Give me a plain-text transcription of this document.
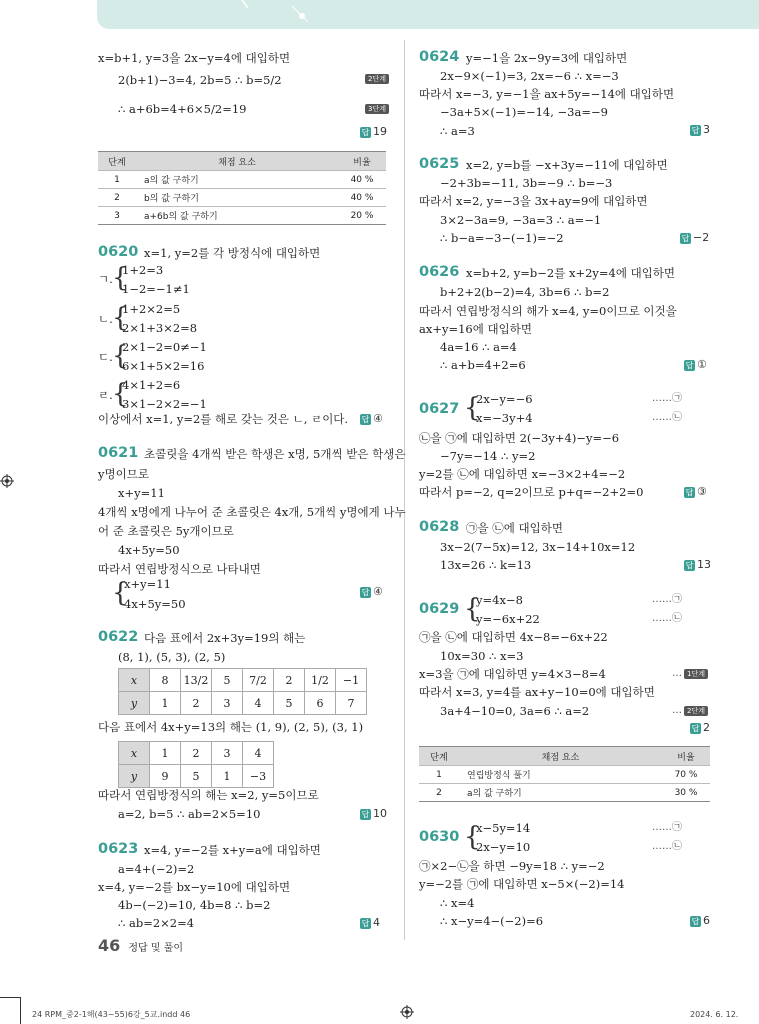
x=b+1, y=3을 2x−y=4에 대입하면
2(b+1)−3=4, 2b=5 ∴ b=5/2	2단계
∴ a+6b=4+6×5/2=19	3단계
답 19
단계	채점 요소	비율
1	a의 값 구하기	40 %
2	b의 값 구하기	40 %
3	a+6b의 값 구하기	20 %
0620 x=1, y=2를 각 방정식에 대입하면
ㄱ. {
1+2=3
1−2=−1≠1
ㄴ. {
1+2×2=5
2×1+3×2=8
ㄷ. {
2×1−2=0≠−1
6×1+5×2=16
ㄹ. {
4×1+2=6
3×1−2×2=−1
이상에서 x=1, y=2를 해로 갖는 것은 ㄴ, ㄹ이다. 답 ④
0621 초콜릿을 4개씩 받은 학생은 x명, 5개씩 받은 학생은
y명이므로
x+y=11
4개씩 x명에게 나누어 준 초콜릿은 4x개, 5개씩 y명에게 나누
어 준 초콜릿은 5y개이므로
4x+5y=50
따라서 연립방정식으로 나타내면
{
x+y=11
4x+5y=50
답 ④
0622 다음 표에서 2x+3y=19의 해는
(8, 1), (5, 3), (2, 5)
x	8	13/2	5	7/2	2	1/2	−1
y	1	2	3	4	5	6	7
다음 표에서 4x+y=13의 해는 (1, 9), (2, 5), (3, 1)
x	1	2	3	4
y	9	5	1	−3
따라서 연립방정식의 해는 x=2, y=5이므로
a=2, b=5 ∴ ab=2×5=10	답 10
0623 x=4, y=−2를 x+y=a에 대입하면
a=4+(−2)=2
x=4, y=−2를 bx−y=10에 대입하면
4b−(−2)=10, 4b=8 ∴ b=2
∴ ab=2×2=4	답 4
46 정답 및 풀이
0624 y=−1을 2x−9y=3에 대입하면
2x−9×(−1)=3, 2x=−6 ∴ x=−3
따라서 x=−3, y=−1을 ax+5y=−14에 대입하면
−3a+5×(−1)=−14, −3a=−9
∴ a=3	답 3
0625 x=2, y=b를 −x+3y=−11에 대입하면
−2+3b=−11, 3b=−9 ∴ b=−3
따라서 x=2, y=−3을 3x+ay=9에 대입하면
3×2−3a=9, −3a=3 ∴ a=−1
∴ b−a=−3−(−1)=−2	답 −2
0626 x=b+2, y=b−2를 x+2y=4에 대입하면
b+2+2(b−2)=4, 3b=6 ∴ b=2
따라서 연립방정식의 해가 x=4, y=0이므로 이것을
ax+y=16에 대입하면
4a=16 ∴ a=4
∴ a+b=4+2=6	답 ①
0627 {
2x−y=−6
x=−3y+4
……㉠
……㉡
㉡을 ㉠에 대입하면 2(−3y+4)−y=−6
−7y=−14 ∴ y=2
y=2를 ㉡에 대입하면 x=−3×2+4=−2
따라서 p=−2, q=2이므로 p+q=−2+2=0	답 ③
0628 ㉠을 ㉡에 대입하면
3x−2(7−5x)=12, 3x−14+10x=12
13x=26 ∴ k=13	답 13
0629 {
y=4x−8
y=−6x+22
……㉠
……㉡
㉠을 ㉡에 대입하면 4x−8=−6x+22
10x=30 ∴ x=3
x=3을 ㉠에 대입하면 y=4×3−8=4	… 1단계
따라서 x=3, y=4를 ax+y−10=0에 대입하면
3a+4−10=0, 3a=6 ∴ a=2	… 2단계
답 2
단계	채점 요소	비율
1	연립방정식 풀기	70 %
2	a의 값 구하기	30 %
0630 {
x−5y=14
2x−y=10
……㉠
……㉡
㉠×2−㉡을 하면 −9y=18 ∴ y=−2
y=−2를 ㉠에 대입하면 x−5×(−2)=14
∴ x=4
∴ x−y=4−(−2)=6	답 6
24 RPM_중2-1해(43~55)6강_5교.indd 46	2024. 6. 12.
